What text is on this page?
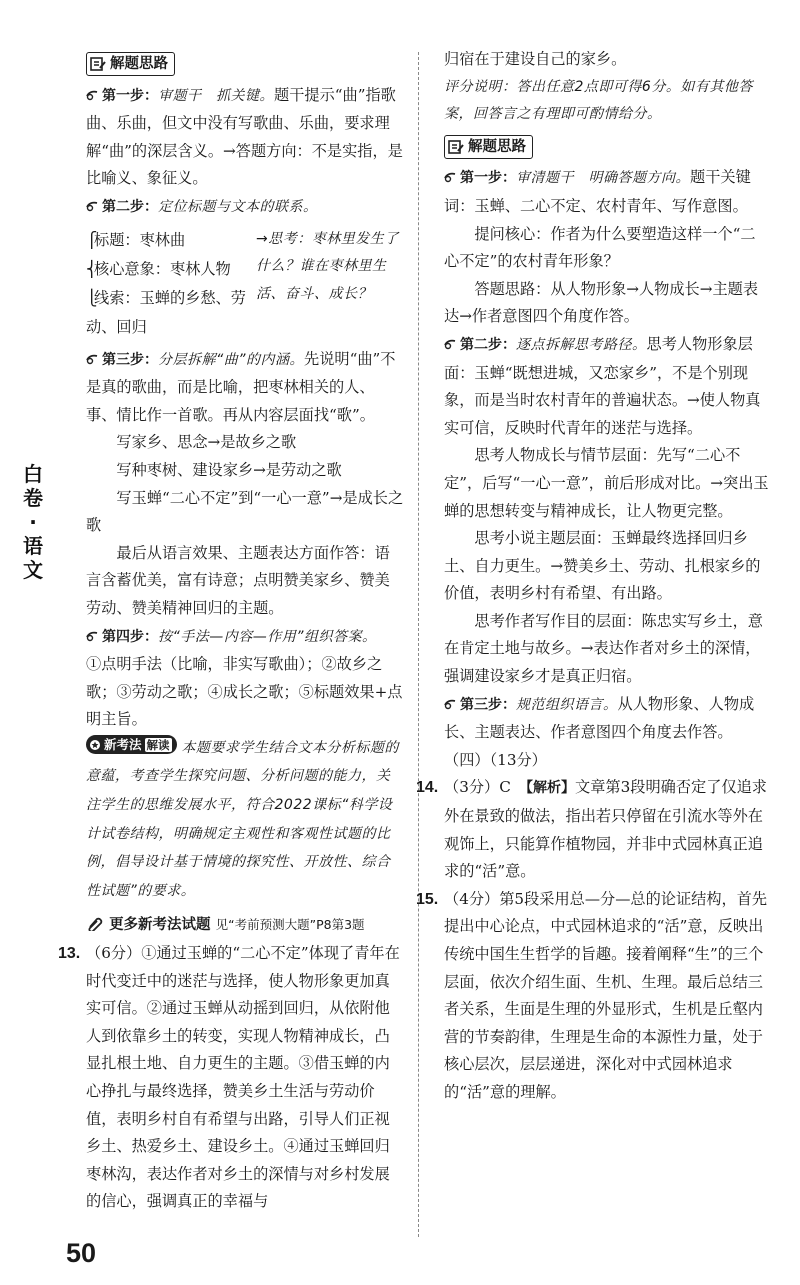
白
卷
·
语
文
解题思路

第一步：审题干　抓关键。题干提示“曲”指歌曲、乐曲，但文中没有写歌曲、乐曲，要求理解“曲”的深层含义。→答题方向：不是实指，是比喻义、象征义。

第二步：定位标题与文本的联系。

⎧标题：枣林曲

⎨核心意象：枣林人物

⎩线索：玉蝉的乡愁、劳动、回归

→思考：枣林里发生了什么？谁在枣林里生活、奋斗、成长？

第三步：分层拆解“曲”的内涵。先说明“曲”不是真的歌曲，而是比喻，把枣林相关的人、事、情比作一首歌。再从内容层面找“歌”。

写家乡、思念→是故乡之歌

写种枣树、建设家乡→是劳动之歌

写玉蝉“二心不定”到“一心一意”→是成长之歌

最后从语言效果、主题表达方面作答：语言含蓄优美，富有诗意；点明赞美家乡、赞美劳动、赞美精神回归的主题。

第四步：按“手法—内容—作用”组织答案。

①点明手法（比喻，非实写歌曲）；②故乡之歌；③劳动之歌；④成长之歌；⑤标题效果+点明主旨。

新考法 解读 本题要求学生结合文本分析标题的意蕴，考查学生探究问题、分析问题的能力，关注学生的思维发展水平，符合2022课标“科学设计试卷结构，明确规定主观性和客观性试题的比例，倡导设计基于情境的探究性、开放性、综合性试题”的要求。

更多新考法试题 见“考前预测大题”P8第3题

13. （6分）①通过玉蝉的“二心不定”体现了青年在时代变迁中的迷茫与选择，使人物形象更加真实可信。②通过玉蝉从动摇到回归，从依附他人到依靠乡土的转变，实现人物精神成长，凸显扎根土地、自力更生的主题。③借玉蝉的内心挣扎与最终选择，赞美乡土生活与劳动价值，表明乡村自有希望与出路，引导人们正视乡土、热爱乡土、建设乡土。④通过玉蝉回归枣林沟，表达作者对乡土的深情与对乡村发展的信心，强调真正的幸福与

归宿在于建设自己的家乡。

评分说明：答出任意2点即可得6分。如有其他答案，回答言之有理即可酌情给分。

解题思路

第一步：审清题干　明确答题方向。题干关键词：玉蝉、二心不定、农村青年、写作意图。

提问核心：作者为什么要塑造这样一个“二心不定”的农村青年形象？

答题思路：从人物形象→人物成长→主题表达→作者意图四个角度作答。

第二步：逐点拆解思考路径。思考人物形象层面：玉蝉“既想进城，又恋家乡”，不是个别现象，而是当时农村青年的普遍状态。→使人物真实可信，反映时代青年的迷茫与选择。

思考人物成长与情节层面：先写“二心不定”，后写“一心一意”，前后形成对比。→突出玉蝉的思想转变与精神成长，让人物更完整。

思考小说主题层面：玉蝉最终选择回归乡土、自力更生。→赞美乡土、劳动、扎根家乡的价值，表明乡村有希望、有出路。

思考作者写作目的层面：陈忠实写乡土，意在肯定土地与故乡。→表达作者对乡土的深情，强调建设家乡才是真正归宿。

第三步：规范组织语言。从人物形象、人物成长、主题表达、作者意图四个角度去作答。

（四）（13分）

14. （3分）C　【解析】文章第3段明确否定了仅追求外在景致的做法，指出若只停留在引流水等外在观饰上，只能算作植物园，并非中式园林真正追求的“活”意。

15. （4分）第5段采用总—分—总的论证结构，首先提出中心论点，中式园林追求的“活”意，反映出传统中国生生哲学的旨趣。接着阐释“生”的三个层面，依次介绍生面、生机、生理。最后总结三者关系，生面是生理的外显形式，生机是丘壑内营的节奏韵律，生理是生命的本源性力量，处于核心层次，层层递进，深化对中式园林追求的“活”意的理解。

50
